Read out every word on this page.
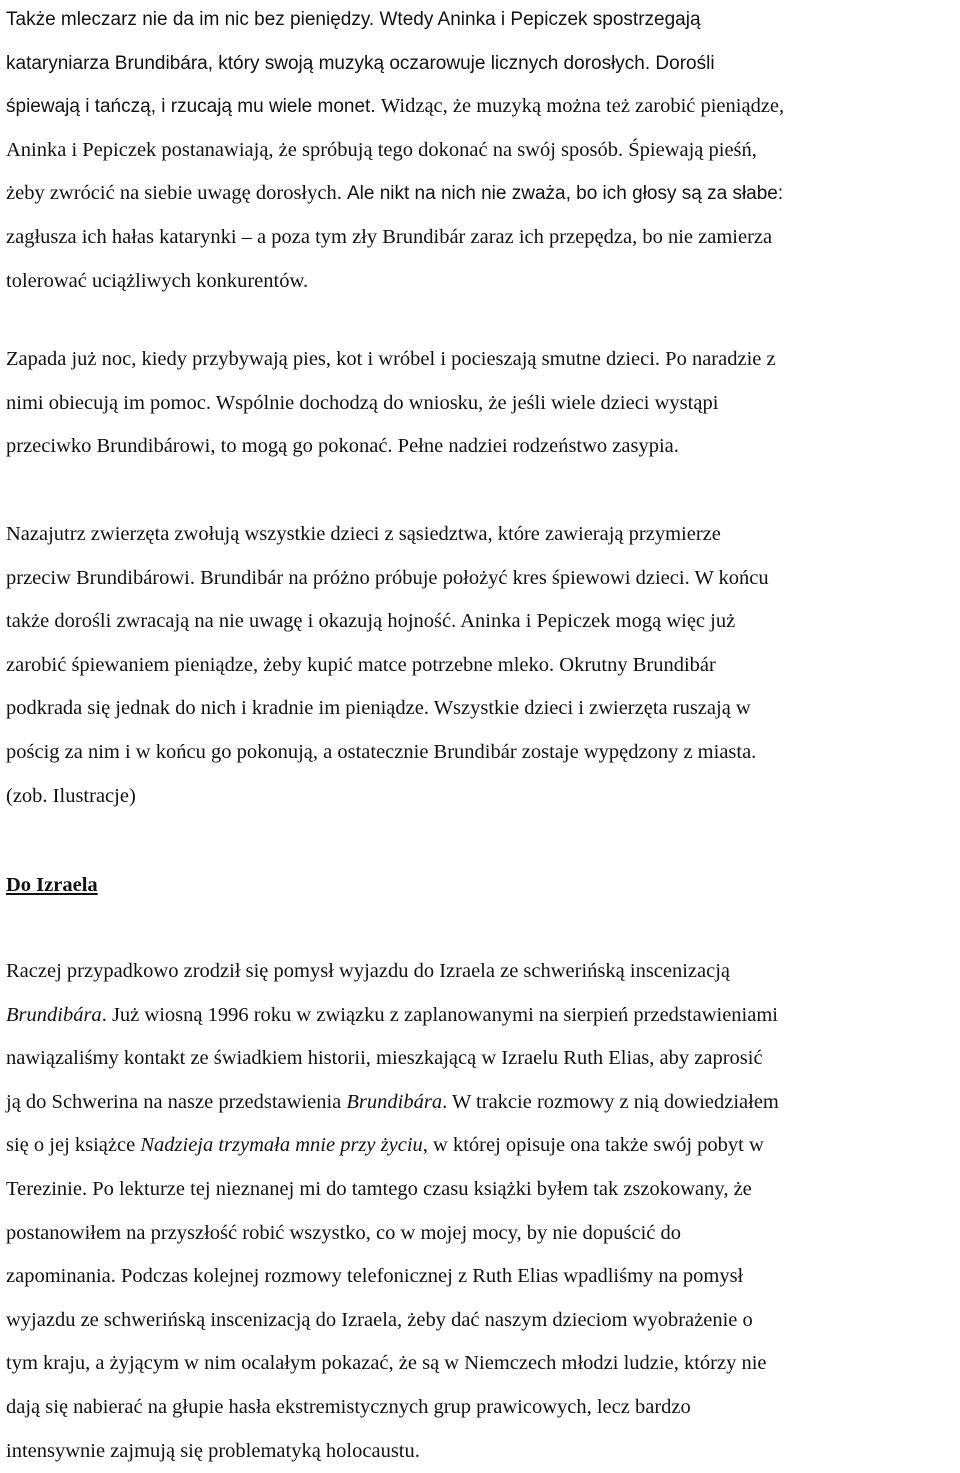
Także mleczarz nie da im nic bez pieniędzy. Wtedy Aninka i Pepiczek spostrzegają
kataryniarza Brundibára, który swoją muzyką oczarowuje licznych dorosłych. Dorośli
śpiewają i tańczą, i rzucają mu wiele monet. Widząc, że muzyką można też zarobić pieniądze,
Aninka i Pepiczek postanawiają, że spróbują tego dokonać na swój sposób. Śpiewają pieśń,
żeby zwrócić na siebie uwagę dorosłych. Ale nikt na nich nie zważa, bo ich głosy są za słabe:
zagłusza ich hałas katarynki – a poza tym zły Brundibár zaraz ich przepędza, bo nie zamierza
tolerować uciążliwych konkurentów.

Zapada już noc, kiedy przybywają pies, kot i wróbel i pocieszają smutne dzieci. Po naradzie z
nimi obiecują im pomoc. Wspólnie dochodzą do wniosku, że jeśli wiele dzieci wystąpi
przeciwko Brundibárowi, to mogą go pokonać. Pełne nadziei rodzeństwo zasypia.

Nazajutrz zwierzęta zwołują wszystkie dzieci z sąsiedztwa, które zawierają przymierze
przeciw Brundibárowi. Brundibár na próżno próbuje położyć kres śpiewowi dzieci. W końcu
także dorośli zwracają na nie uwagę i okazują hojność. Aninka i Pepiczek mogą więc już
zarobić śpiewaniem pieniądze, żeby kupić matce potrzebne mleko. Okrutny Brundibár
podkrada się jednak do nich i kradnie im pieniądze. Wszystkie dzieci i zwierzęta ruszają w
pościg za nim i w końcu go pokonują, a ostatecznie Brundibár zostaje wypędzony z miasta.
(zob. Ilustracje)

Do Izraela

Raczej przypadkowo zrodził się pomysł wyjazdu do Izraela ze schwerińską inscenizacją
Brundibára. Już wiosną 1996 roku w związku z zaplanowanymi na sierpień przedstawieniami
nawiązaliśmy kontakt ze świadkiem historii, mieszkającą w Izraelu Ruth Elias, aby zaprosić
ją do Schwerina na nasze przedstawienia Brundibára. W trakcie rozmowy z nią dowiedziałem
się o jej książce Nadzieja trzymała mnie przy życiu, w której opisuje ona także swój pobyt w
Terezinie. Po lekturze tej nieznanej mi do tamtego czasu książki byłem tak zszokowany, że
postanowiłem na przyszłość robić wszystko, co w mojej mocy, by nie dopuścić do
zapominania. Podczas kolejnej rozmowy telefonicznej z Ruth Elias wpadliśmy na pomysł
wyjazdu ze schwerińską inscenizacją do Izraela, żeby dać naszym dzieciom wyobrażenie o
tym kraju, a żyjącym w nim ocalałym pokazać, że są w Niemczech młodzi ludzie, którzy nie
dają się nabierać na głupie hasła ekstremistycznych grup prawicowych, lecz bardzo
intensywnie zajmują się problematyką holocaustu.
